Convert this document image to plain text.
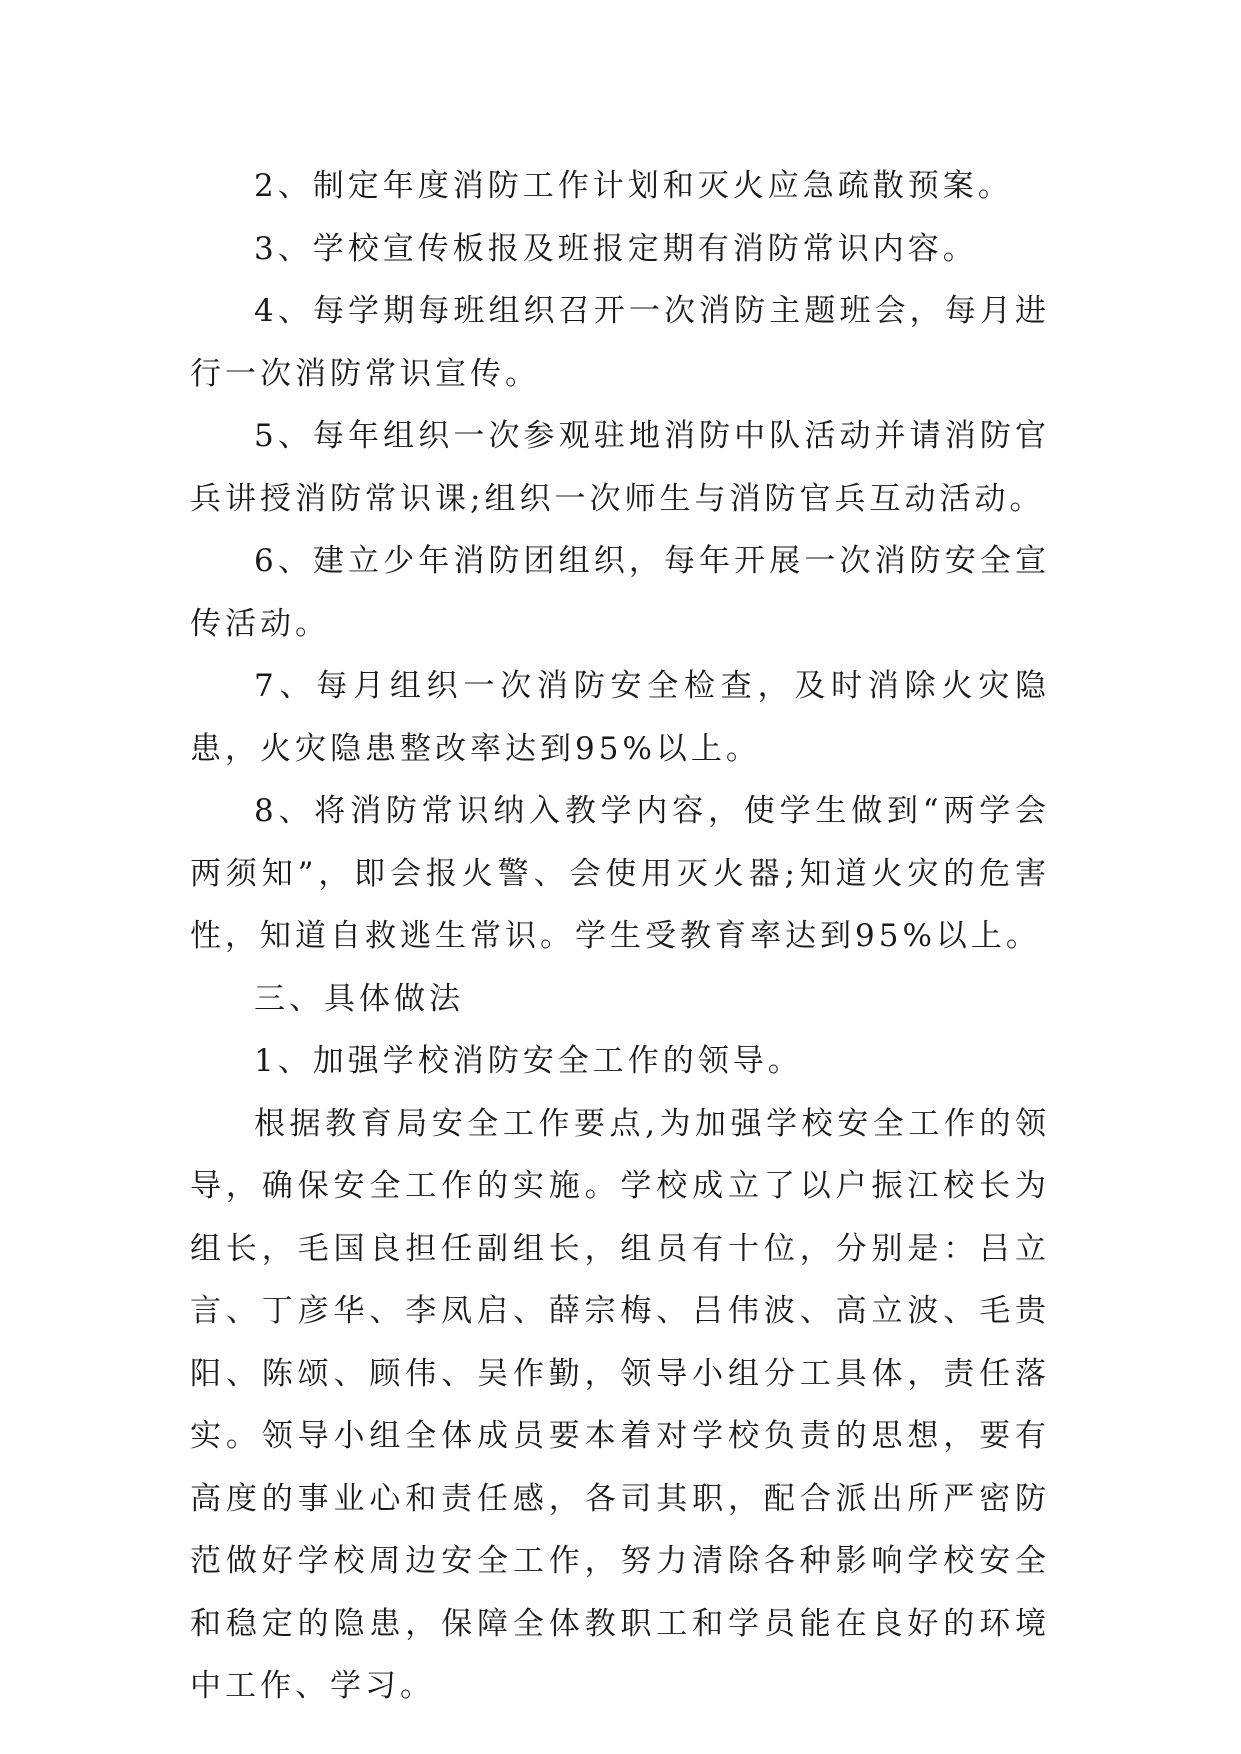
2、制定年度消防工作计划和灭火应急疏散预案。

3、学校宣传板报及班报定期有消防常识内容。

4、每学期每班组织召开一次消防主题班会，每月进行一次消防常识宣传。

5、每年组织一次参观驻地消防中队活动并请消防官兵讲授消防常识课;组织一次师生与消防官兵互动活动。

6、建立少年消防团组织，每年开展一次消防安全宣传活动。

7、每月组织一次消防安全检查，及时消除火灾隐患，火灾隐患整改率达到95%以上。

8、将消防常识纳入教学内容，使学生做到“两学会两须知”，即会报火警、会使用灭火器;知道火灾的危害性，知道自救逃生常识。学生受教育率达到95%以上。

三、具体做法

1、加强学校消防安全工作的领导。

根据教育局安全工作要点,为加强学校安全工作的领导，确保安全工作的实施。学校成立了以户振江校长为组长，毛国良担任副组长，组员有十位，分别是：吕立言、丁彦华、李凤启、薛宗梅、吕伟波、高立波、毛贵阳、陈颂、顾伟、吴作勤，领导小组分工具体，责任落实。领导小组全体成员要本着对学校负责的思想，要有高度的事业心和责任感，各司其职，配合派出所严密防范做好学校周边安全工作，努力清除各种影响学校安全和稳定的隐患，保障全体教职工和学员能在良好的环境中工作、学习。
